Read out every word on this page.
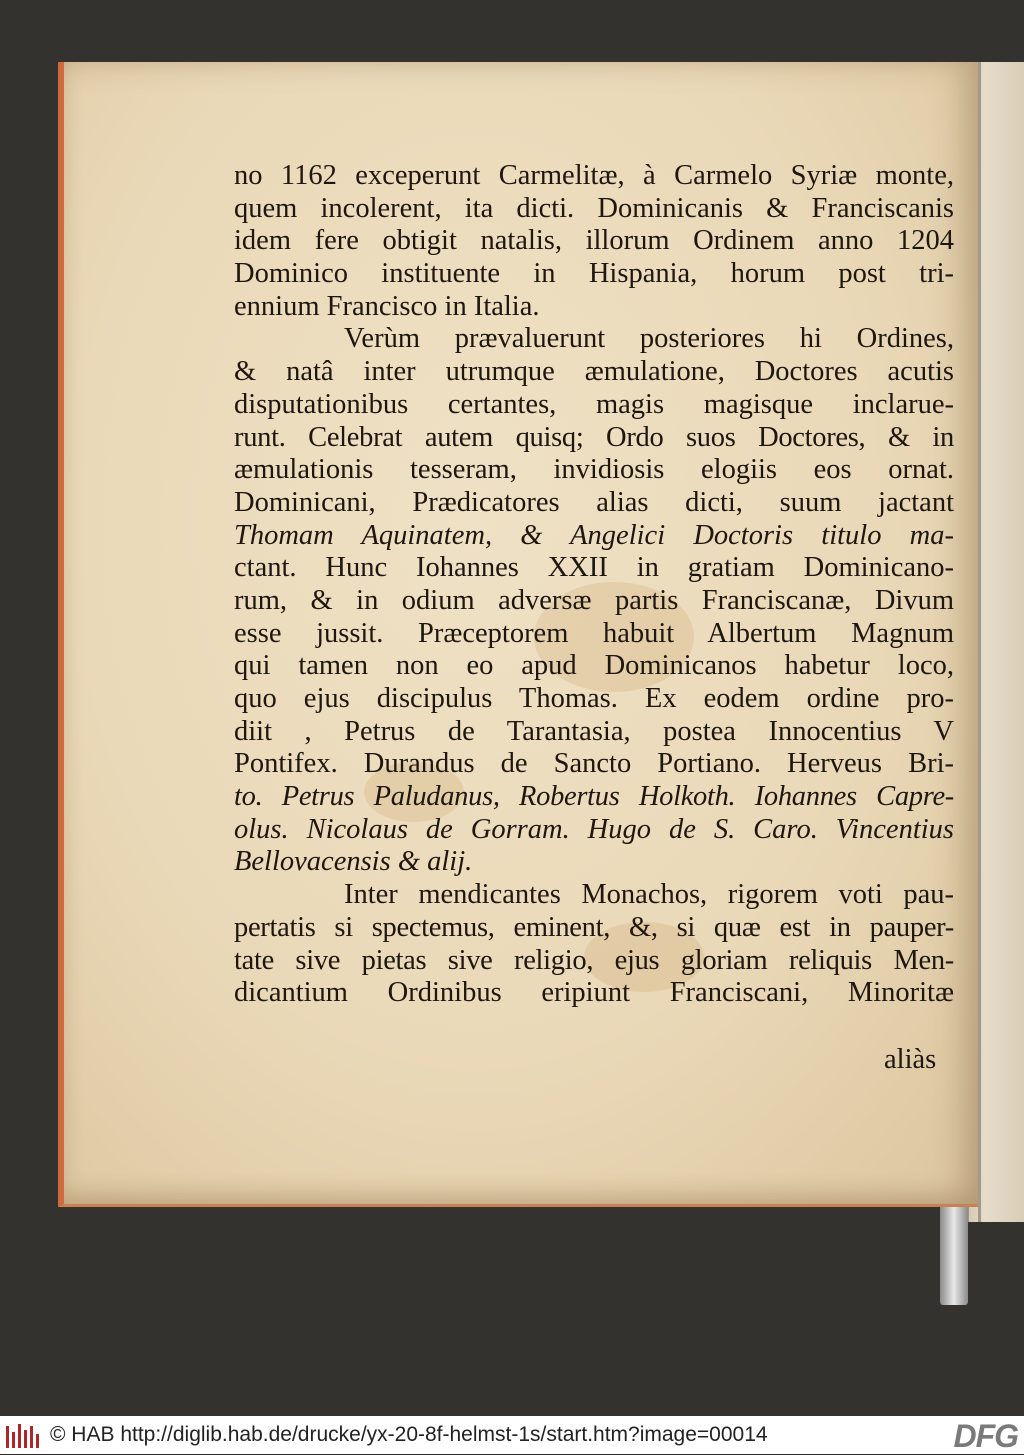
no 1162 exceperunt Carmelitæ, à Carmelo Syriæ monte,
quem incolerent, ita dicti. Dominicanis & Franciscanis
idem fere obtigit natalis, illorum Ordinem anno 1204
Dominico instituente in Hispania, horum post tri-
ennium Francisco in Italia.
Verùm prævaluerunt posteriores hi Ordines,
& natâ inter utrumque æmulatione, Doctores acutis
disputationibus certantes, magis magisque inclarue-
runt. Celebrat autem quisq; Ordo suos Doctores, & in
æmulationis tesseram, invidiosis elogiis eos ornat.
Dominicani, Prædicatores alias dicti, suum jactant
Thomam Aquinatem, & Angelici Doctoris titulo ma-
ctant. Hunc Iohannes XXII in gratiam Dominicano-
rum, & in odium adversæ partis Franciscanæ, Divum
esse jussit. Præceptorem habuit Albertum Magnum
qui tamen non eo apud Dominicanos habetur loco,
quo ejus discipulus Thomas. Ex eodem ordine pro-
diit , Petrus de Tarantasia, postea Innocentius V
Pontifex. Durandus de Sancto Portiano. Herveus Bri-
to. Petrus Paludanus, Robertus Holkoth. Iohannes Capre-
olus. Nicolaus de Gorram. Hugo de S. Caro. Vincentius
Bellovacensis & alij.
Inter mendicantes Monachos, rigorem voti pau-
pertatis si spectemus, eminent, &, si quæ est in pauper-
tate sive pietas sive religio, ejus gloriam reliquis Men-
dicantium Ordinibus eripiunt Franciscani, Minoritæ
aliàs
© HAB http://diglib.hab.de/drucke/yx-20-8f-helmst-1s/start.htm?image=00014	DFG
